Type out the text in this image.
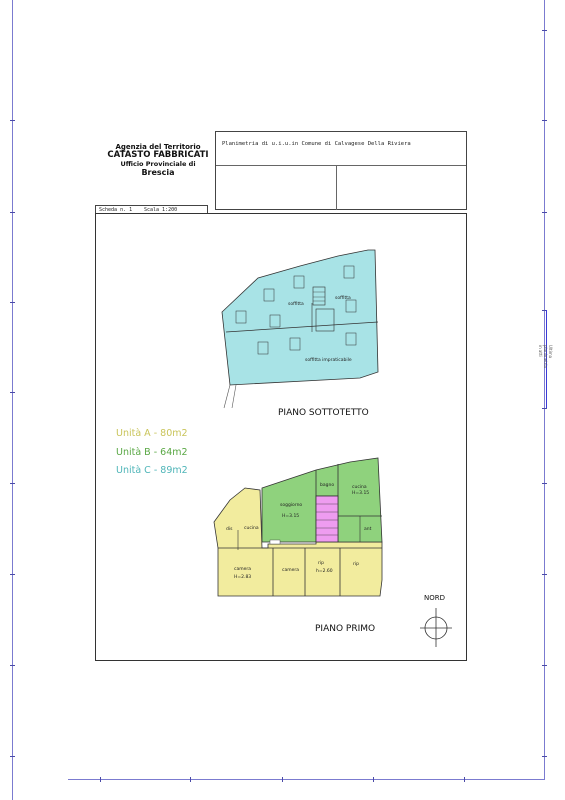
Ultima planimetria in atti
Agenzia del Territorio
CATASTO FABBRICATI
Ufficio Provinciale di
Brescia
Planimetria di u.i.u.in Comune di Calvagese Della Riviera
Scheda n. 1 Scala 1:200
soffitta
soffitta
soffitta impraticabile
bagno	cucina
H=3.15
soggiorno
H=3.15
ant
dis	cucina
camera
H=2.83
camera
rip
h=2.60
rip
PIANO SOTTOTETTO
PIANO PRIMO
Unità A - 80m2
Unità B - 64m2
Unità C - 89m2
NORD
